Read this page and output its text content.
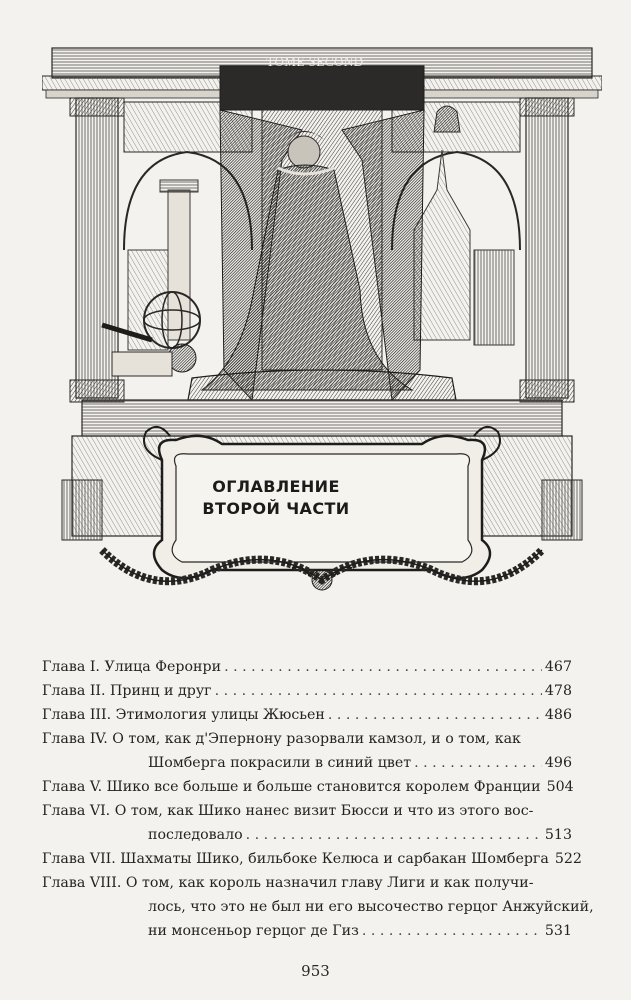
TOME SECOND
ОГЛАВЛЕНИЕ
ВТОРОЙ ЧАСТИ
Глава I. Улица Феронри . . .	467
Глава II. Принц и друг . . .	478
Глава III. Этимология улицы Жюсьен . . .	486
Глава IV. О том, как д'Эпернону разорвали камзол, и о том, как
Шомберга покрасили в синий цвет . . .	496
Глава V. Шико все больше и больше становится королем Франции 504
Глава VI. О том, как Шико нанес визит Бюсси и что из этого вос-
последовало . . .	513
Глава VII. Шахматы Шико, бильбоке Келюса и сарбакан Шомберга 522
Глава VIII. О том, как король назначил главу Лиги и как получи-
лось, что это не был ни его высочество герцог Анжуйский,
ни монсеньор герцог де Гиз . . .	531
953
